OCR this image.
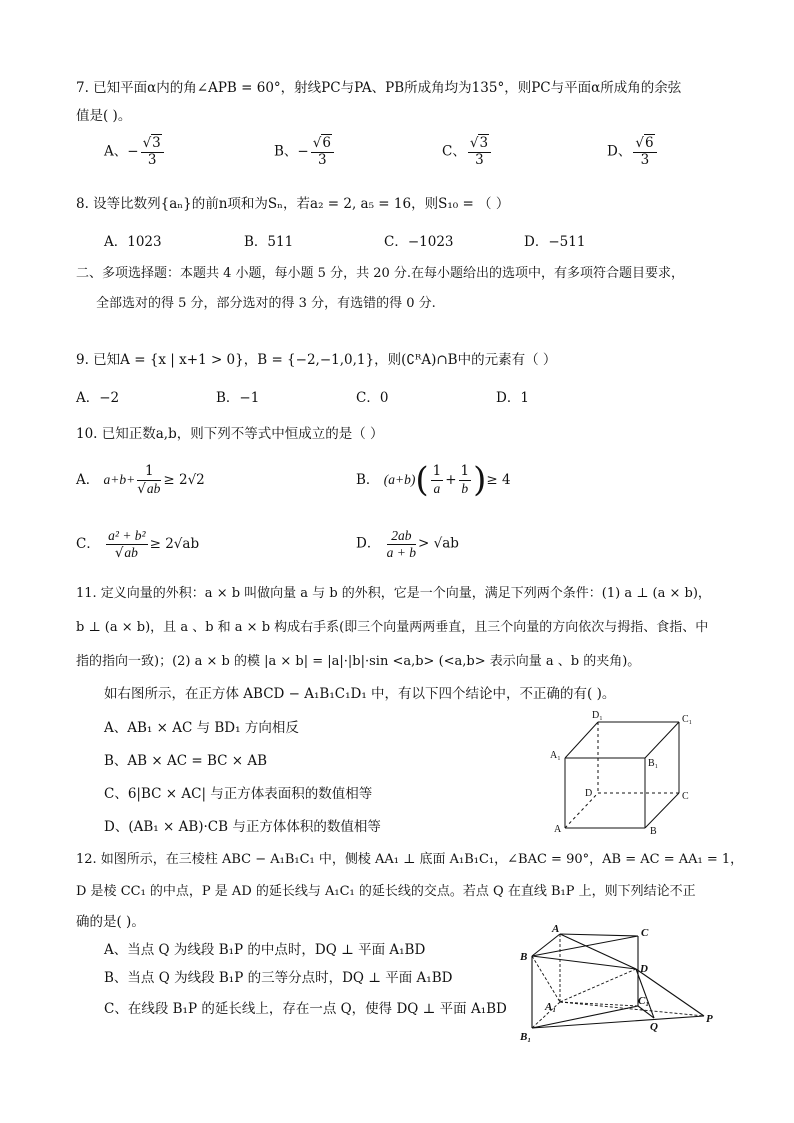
7. 已知平面α内的角∠APB = 60°，射线PC与PA、PB所成角均为135°，则PC与平面α所成角的余弦
值是( )。
A、− $\frac{√3}{3}$	B、− $\frac{√6}{3}$	C、 $\frac{√3}{3}$	D、 $\frac{√6}{3}$
8. 设等比数列{aₙ}的前n项和为Sₙ，若a₂ = 2, a₅ = 16，则S₁₀ = （ ）
A．1023	B．511	C．−1023	D．−511
二、多项选择题：本题共 4 小题，每小题 5 分，共 20 分.在每小题给出的选项中，有多项符合题目要求，
全部选对的得 5 分，部分选对的得 3 分，有选错的得 0 分.
9. 已知A = {x | x+1 > 0}，B = {−2,−1,0,1}，则(∁ᴿA)∩B中的元素有（ ）
A．−2	B．−1	C．0	D．1
10. 已知正数a,b，则下列不等式中恒成立的是（ ）
A． $a+b+ \frac{1}{√ab} \ge 2√2$	B． $(a+b)( \frac{1}{a} + \frac{1}{b}$ )≥ 4
C． $\frac{\text{a² + b²}}{√ab} \ge 2√ab$	D． $\frac{2ab}{a + b} > √ab$
11. 定义向量的外积：a × b 叫做向量 a 与 b 的外积，它是一个向量，满足下列两个条件：(1) a ⊥ (a × b)，
b ⊥ (a × b)，且 a 、b 和 a × b 构成右手系(即三个向量两两垂直，且三个向量的方向依次与拇指、食指、中
指的指向一致)；(2) a × b 的模 |a × b| = |a|·|b|·sin <a,b> (<a,b> 表示向量 a 、b 的夹角)。
如右图所示，在正方体 ABCD − A₁B₁C₁D₁ 中，有以下四个结论中，不正确的有( )。
A、AB₁ × AC 与 BD₁ 方向相反
B、AB × AC = BC × AB
C、6|BC × AC| 与正方体表面积的数值相等
D、(AB₁ × AB)·CB 与正方体体积的数值相等
D₁	C₁
A₁
B₁
D	C
A	B
12. 如图所示，在三棱柱 ABC − A₁B₁C₁ 中，侧棱 AA₁ ⊥ 底面 A₁B₁C₁，∠BAC = 90°，AB = AC = AA₁ = 1，
D 是棱 CC₁ 的中点，P 是 AD 的延长线与 A₁C₁ 的延长线的交点。若点 Q 在直线 B₁P 上，则下列结论不正
确的是( )。
A、当点 Q 为线段 B₁P 的中点时，DQ ⊥ 平面 A₁BD
B、当点 Q 为线段 B₁P 的三等分点时，DQ ⊥ 平面 A₁BD
C、在线段 B₁P 的延长线上，存在一点 Q，使得 DQ ⊥ 平面 A₁BD
A	C
B
D
A₁	C₁
Q
P
B₁
